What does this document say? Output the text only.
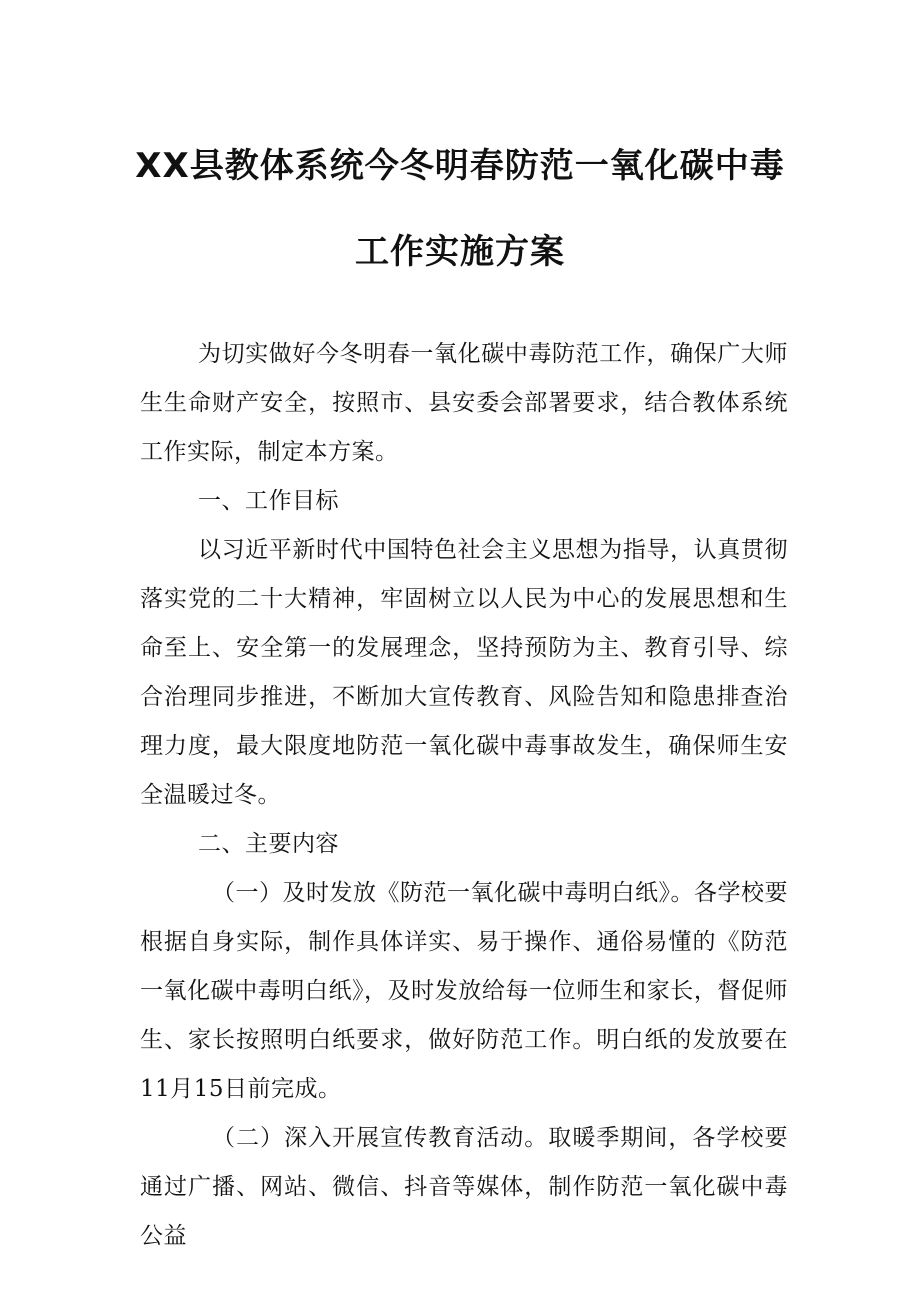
XX县教体系统今冬明春防范一氧化碳中毒
工作实施方案

为切实做好今冬明春一氧化碳中毒防范工作，确保广大师生生命财产安全，按照市、县安委会部署要求，结合教体系统工作实际，制定本方案。

一、工作目标

以习近平新时代中国特色社会主义思想为指导，认真贯彻落实党的二十大精神，牢固树立以人民为中心的发展思想和生命至上、安全第一的发展理念，坚持预防为主、教育引导、综合治理同步推进，不断加大宣传教育、风险告知和隐患排查治理力度，最大限度地防范一氧化碳中毒事故发生，确保师生安全温暖过冬。

二、主要内容

（一）及时发放《防范一氧化碳中毒明白纸》。各学校要根据自身实际，制作具体详实、易于操作、通俗易懂的《防范一氧化碳中毒明白纸》，及时发放给每一位师生和家长，督促师生、家长按照明白纸要求，做好防范工作。明白纸的发放要在11月15日前完成。

（二）深入开展宣传教育活动。取暖季期间，各学校要通过广播、网站、微信、抖音等媒体，制作防范一氧化碳中毒公益
